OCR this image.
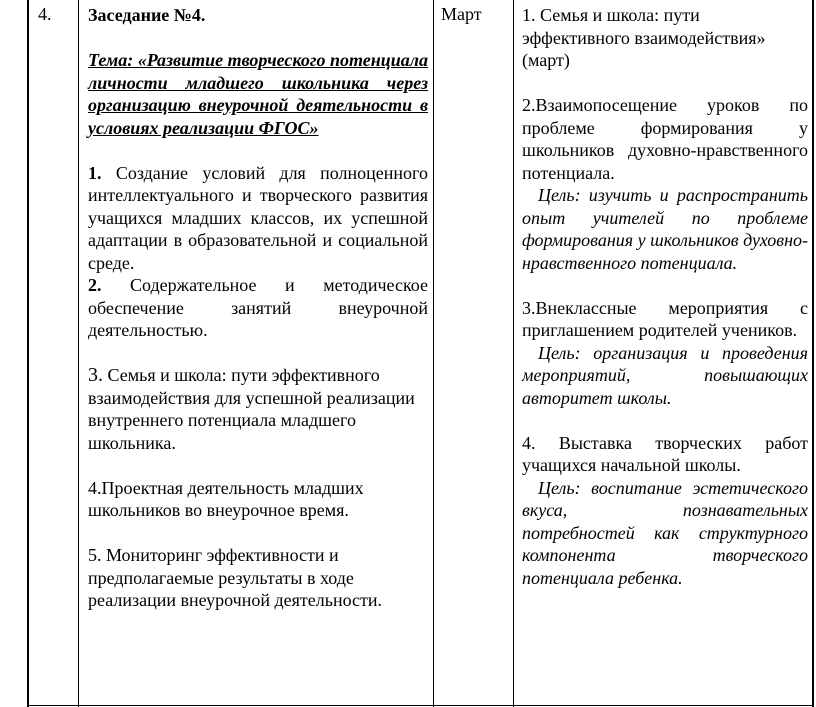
4. Заседание №4.

Тема: «Развитие творческого потенциала личности младшего школьника через организацию внеурочной деятельности в условиях реализации ФГОС»

1. Создание условий для полноценного интеллектуального и творческого развития учащихся младших классов, их успешной адаптации в образовательной и социальной среде.

2. Содержательное и методическое обеспечение занятий внеурочной деятельностью.

3. Семья и школа: пути эффективного взаимодействия для успешной реализации внутреннего потенциала младшего школьника.

4.Проектная деятельность младших школьников во внеурочное время.

5. Мониторинг эффективности и предполагаемые результаты в ходе реализации внеурочной деятельности.

Март 1. Семья и школа: пути эффективного взаимодействия» (март)

2.Взаимопосещение уроков по проблеме формирования у школьников духовно-нравственного потенциала.

Цель: изучить и распространить опыт учителей по проблеме формирования у школьников духовно-нравственного потенциала.

3.Внеклассные мероприятия с приглашением родителей учеников.

Цель: организация и проведения мероприятий, повышающих авторитет школы.

4. Выставка творческих работ учащихся начальной школы.

Цель: воспитание эстетического вкуса, познавательных потребностей как структурного компонента творческого потенциала ребенка.
